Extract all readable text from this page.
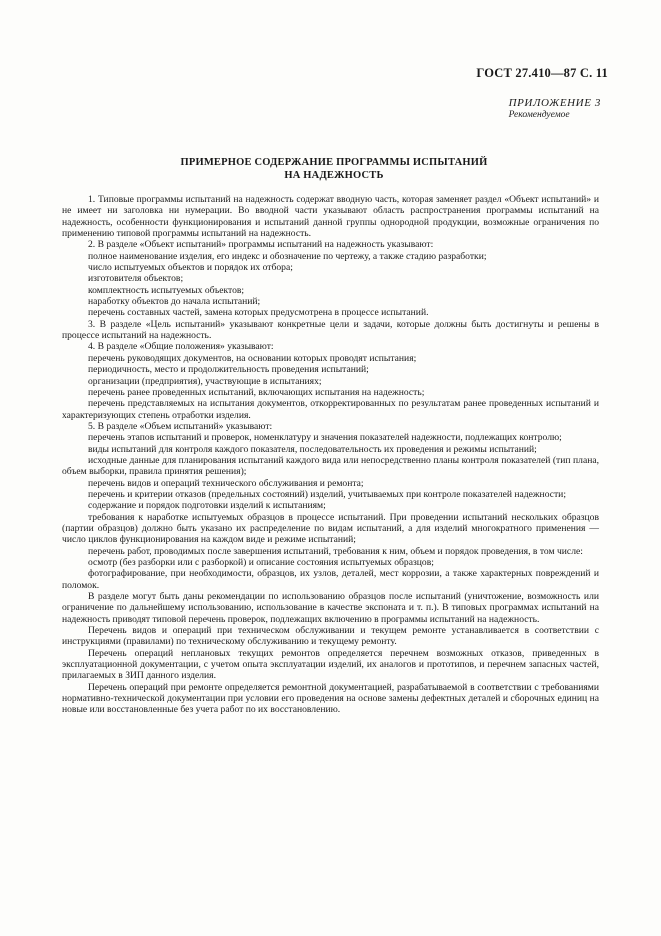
ГОСТ 27.410—87 С. 11
ПРИЛОЖЕНИЕ 3
Рекомендуемое
ПРИМЕРНОЕ СОДЕРЖАНИЕ ПРОГРАММЫ ИСПЫТАНИЙ
НА НАДЕЖНОСТЬ

1. Типовые программы испытаний на надежность содержат вводную часть, которая заменяет раздел «Объект испытаний» и не имеет ни заголовка ни нумерации. Во вводной части указывают область распространения программы испытаний на надежность, особенности функционирования и испытаний данной группы однородной продукции, возможные ограничения по применению типовой программы испытаний на надежность.

2. В разделе «Объект испытаний» программы испытаний на надежность указывают:

полное наименование изделия, его индекс и обозначение по чертежу, а также стадию разработки;

число испытуемых объектов и порядок их отбора;

изготовителя объектов;

комплектность испытуемых объектов;

наработку объектов до начала испытаний;

перечень составных частей, замена которых предусмотрена в процессе испытаний.

3. В разделе «Цель испытаний» указывают конкретные цели и задачи, которые должны быть достигнуты и решены в процессе испытаний на надежность.

4. В разделе «Общие положения» указывают:

перечень руководящих документов, на основании которых проводят испытания;

периодичность, место и продолжительность проведения испытаний;

организации (предприятия), участвующие в испытаниях;

перечень ранее проведенных испытаний, включающих испытания на надежность;

перечень представляемых на испытания документов, откорректированных по результатам ранее проведенных испытаний и характеризующих степень отработки изделия.

5. В разделе «Объем испытаний» указывают:

перечень этапов испытаний и проверок, номенклатуру и значения показателей надежности, подлежащих контролю;

виды испытаний для контроля каждого показателя, последовательность их проведения и режимы испытаний;

исходные данные для планирования испытаний каждого вида или непосредственно планы контроля показателей (тип плана, объем выборки, правила принятия решения);

перечень видов и операций технического обслуживания и ремонта;

перечень и критерии отказов (предельных состояний) изделий, учитываемых при контроле показателей надежности;

содержание и порядок подготовки изделий к испытаниям;

требования к наработке испытуемых образцов в процессе испытаний. При проведении испытаний нескольких образцов (партии образцов) должно быть указано их распределение по видам испытаний, а для изделий многократного применения — число циклов функционирования на каждом виде и режиме испытаний;

перечень работ, проводимых после завершения испытаний, требования к ним, объем и порядок проведения, в том числе:

осмотр (без разборки или с разборкой) и описание состояния испытуемых образцов;

фотографирование, при необходимости, образцов, их узлов, деталей, мест коррозии, а также характерных повреждений и поломок.

В разделе могут быть даны рекомендации по использованию образцов после испытаний (уничтожение, возможность или ограничение по дальнейшему использованию, использование в качестве экспоната и т. п.). В типовых программах испытаний на надежность приводят типовой перечень проверок, подлежащих включению в программы испытаний на надежность.

Перечень видов и операций при техническом обслуживании и текущем ремонте устанавливается в соответствии с инструкциями (правилами) по техническому обслуживанию и текущему ремонту.

Перечень операций неплановых текущих ремонтов определяется перечнем возможных отказов, приведенных в эксплуатационной документации, с учетом опыта эксплуатации изделий, их аналогов и прототипов, и перечнем запасных частей, прилагаемых в ЗИП данного изделия.

Перечень операций при ремонте определяется ремонтной документацией, разрабатываемой в соответствии с требованиями нормативно-технической документации при условии его проведения на основе замены дефектных деталей и сборочных единиц на новые или восстановленные без учета работ по их восстановлению.
